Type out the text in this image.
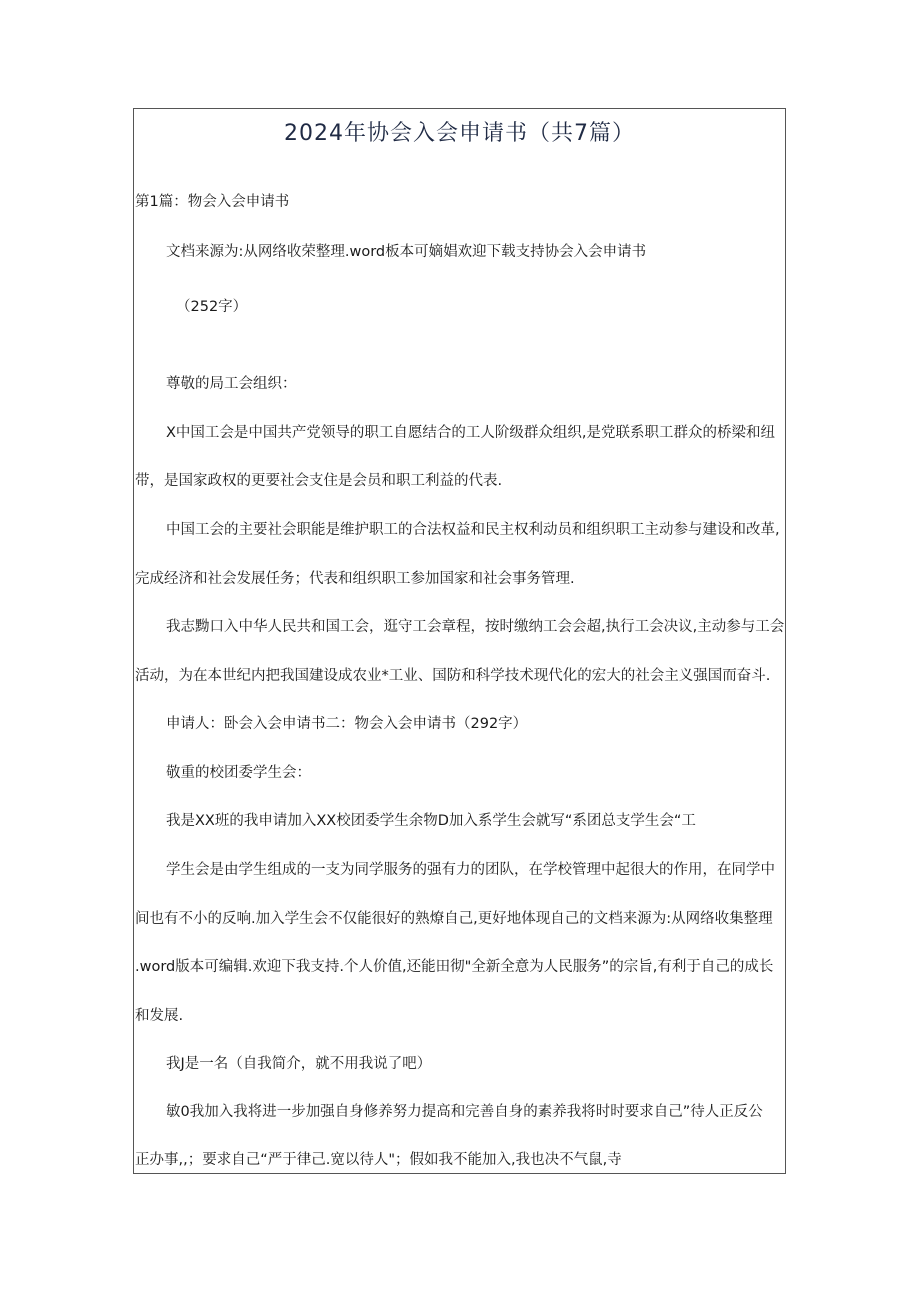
2024年协会入会申请书（共7篇）
第1篇：物会入会申请书
文档来源为:从网络收荣整理.word板本可嫡娼欢迎下载支持协会入会申请书
（252字）
尊敬的局工会组织：
X中国工会是中国共产党领导的职工自愿结合的工人阶级群众组织,是党联系职工群众的桥梁和纽
带，是国家政权的更要社会支住是会员和职工利益的代表.
中国工会的主要社会职能是维护职工的合法权益和民主权利动员和组织职工主动参与建设和改革,
完成经济和社会发展任务；代表和组织职工参加国家和社会事务管理.
我志黝口入中华人民共和国工会，逛守工会章程，按时缴纳工会会超,执行工会决议,主动参与工会
活动，为在本世纪内把我国建设成农业*工业、国防和科学技术现代化的宏大的社会主义强国而奋斗.
申请人：卧会入会申请书二：物会入会申请书（292字）
敬重的校团委学生会：
我是XX班的我申请加入XX校团委学生余物D加入系学生会就写“系团总支学生会“工
学生会是由学生组成的一支为同学服务的强有力的团队，在学校管理中起很大的作用，在同学中
间也有不小的反响.加入学生会不仅能很好的熟燎自己,更好地体现自己的文档来源为:从网络收集整理
.word版本可编辑.欢迎下我支持.个人价值,还能田彻"全新全意为人民服务”的宗旨,有利于自己的成长
和发展.
我J是一名（自我简介，就不用我说了吧）
敏0我加入我将进一步加强自身修养努力提高和完善自身的素养我将时时要求自己”待人正反公
正办事,,；要求自己“严于律己.宽以待人"；假如我不能加入,我也决不气鼠,寺
